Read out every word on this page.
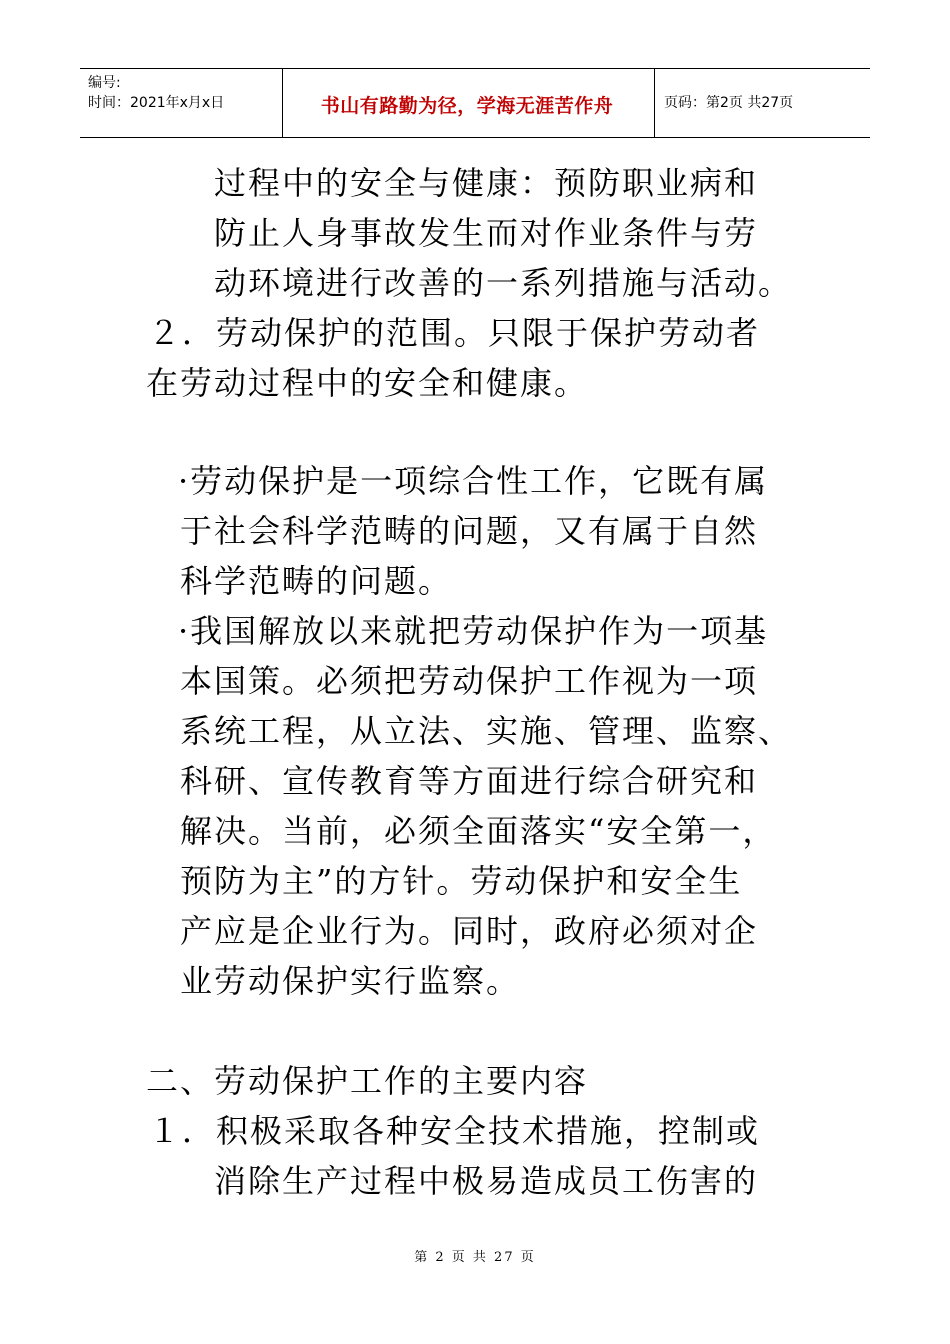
编号:
时间：2021年x月x日	书山有路勤为径，学海无涯苦作舟	页码：第2页 共27页
过程中的安全与健康：预防职业病和
防止人身事故发生而对作业条件与劳
动环境进行改善的一系列措施与活动。
２．劳动保护的范围。只限于保护劳动者
在劳动过程中的安全和健康。
·劳动保护是一项综合性工作，它既有属
于社会科学范畴的问题，又有属于自然
科学范畴的问题。
·我国解放以来就把劳动保护作为一项基
本国策。必须把劳动保护工作视为一项
系统工程，从立法、实施、管理、监察、
科研、宣传教育等方面进行综合研究和
解决。当前，必须全面落实“安全第一，
预防为主”的方针。劳动保护和安全生
产应是企业行为。同时，政府必须对企
业劳动保护实行监察。
二、劳动保护工作的主要内容
１．积极采取各种安全技术措施，控制或
消除生产过程中极易造成员工伤害的
第 2 页 共 27 页
